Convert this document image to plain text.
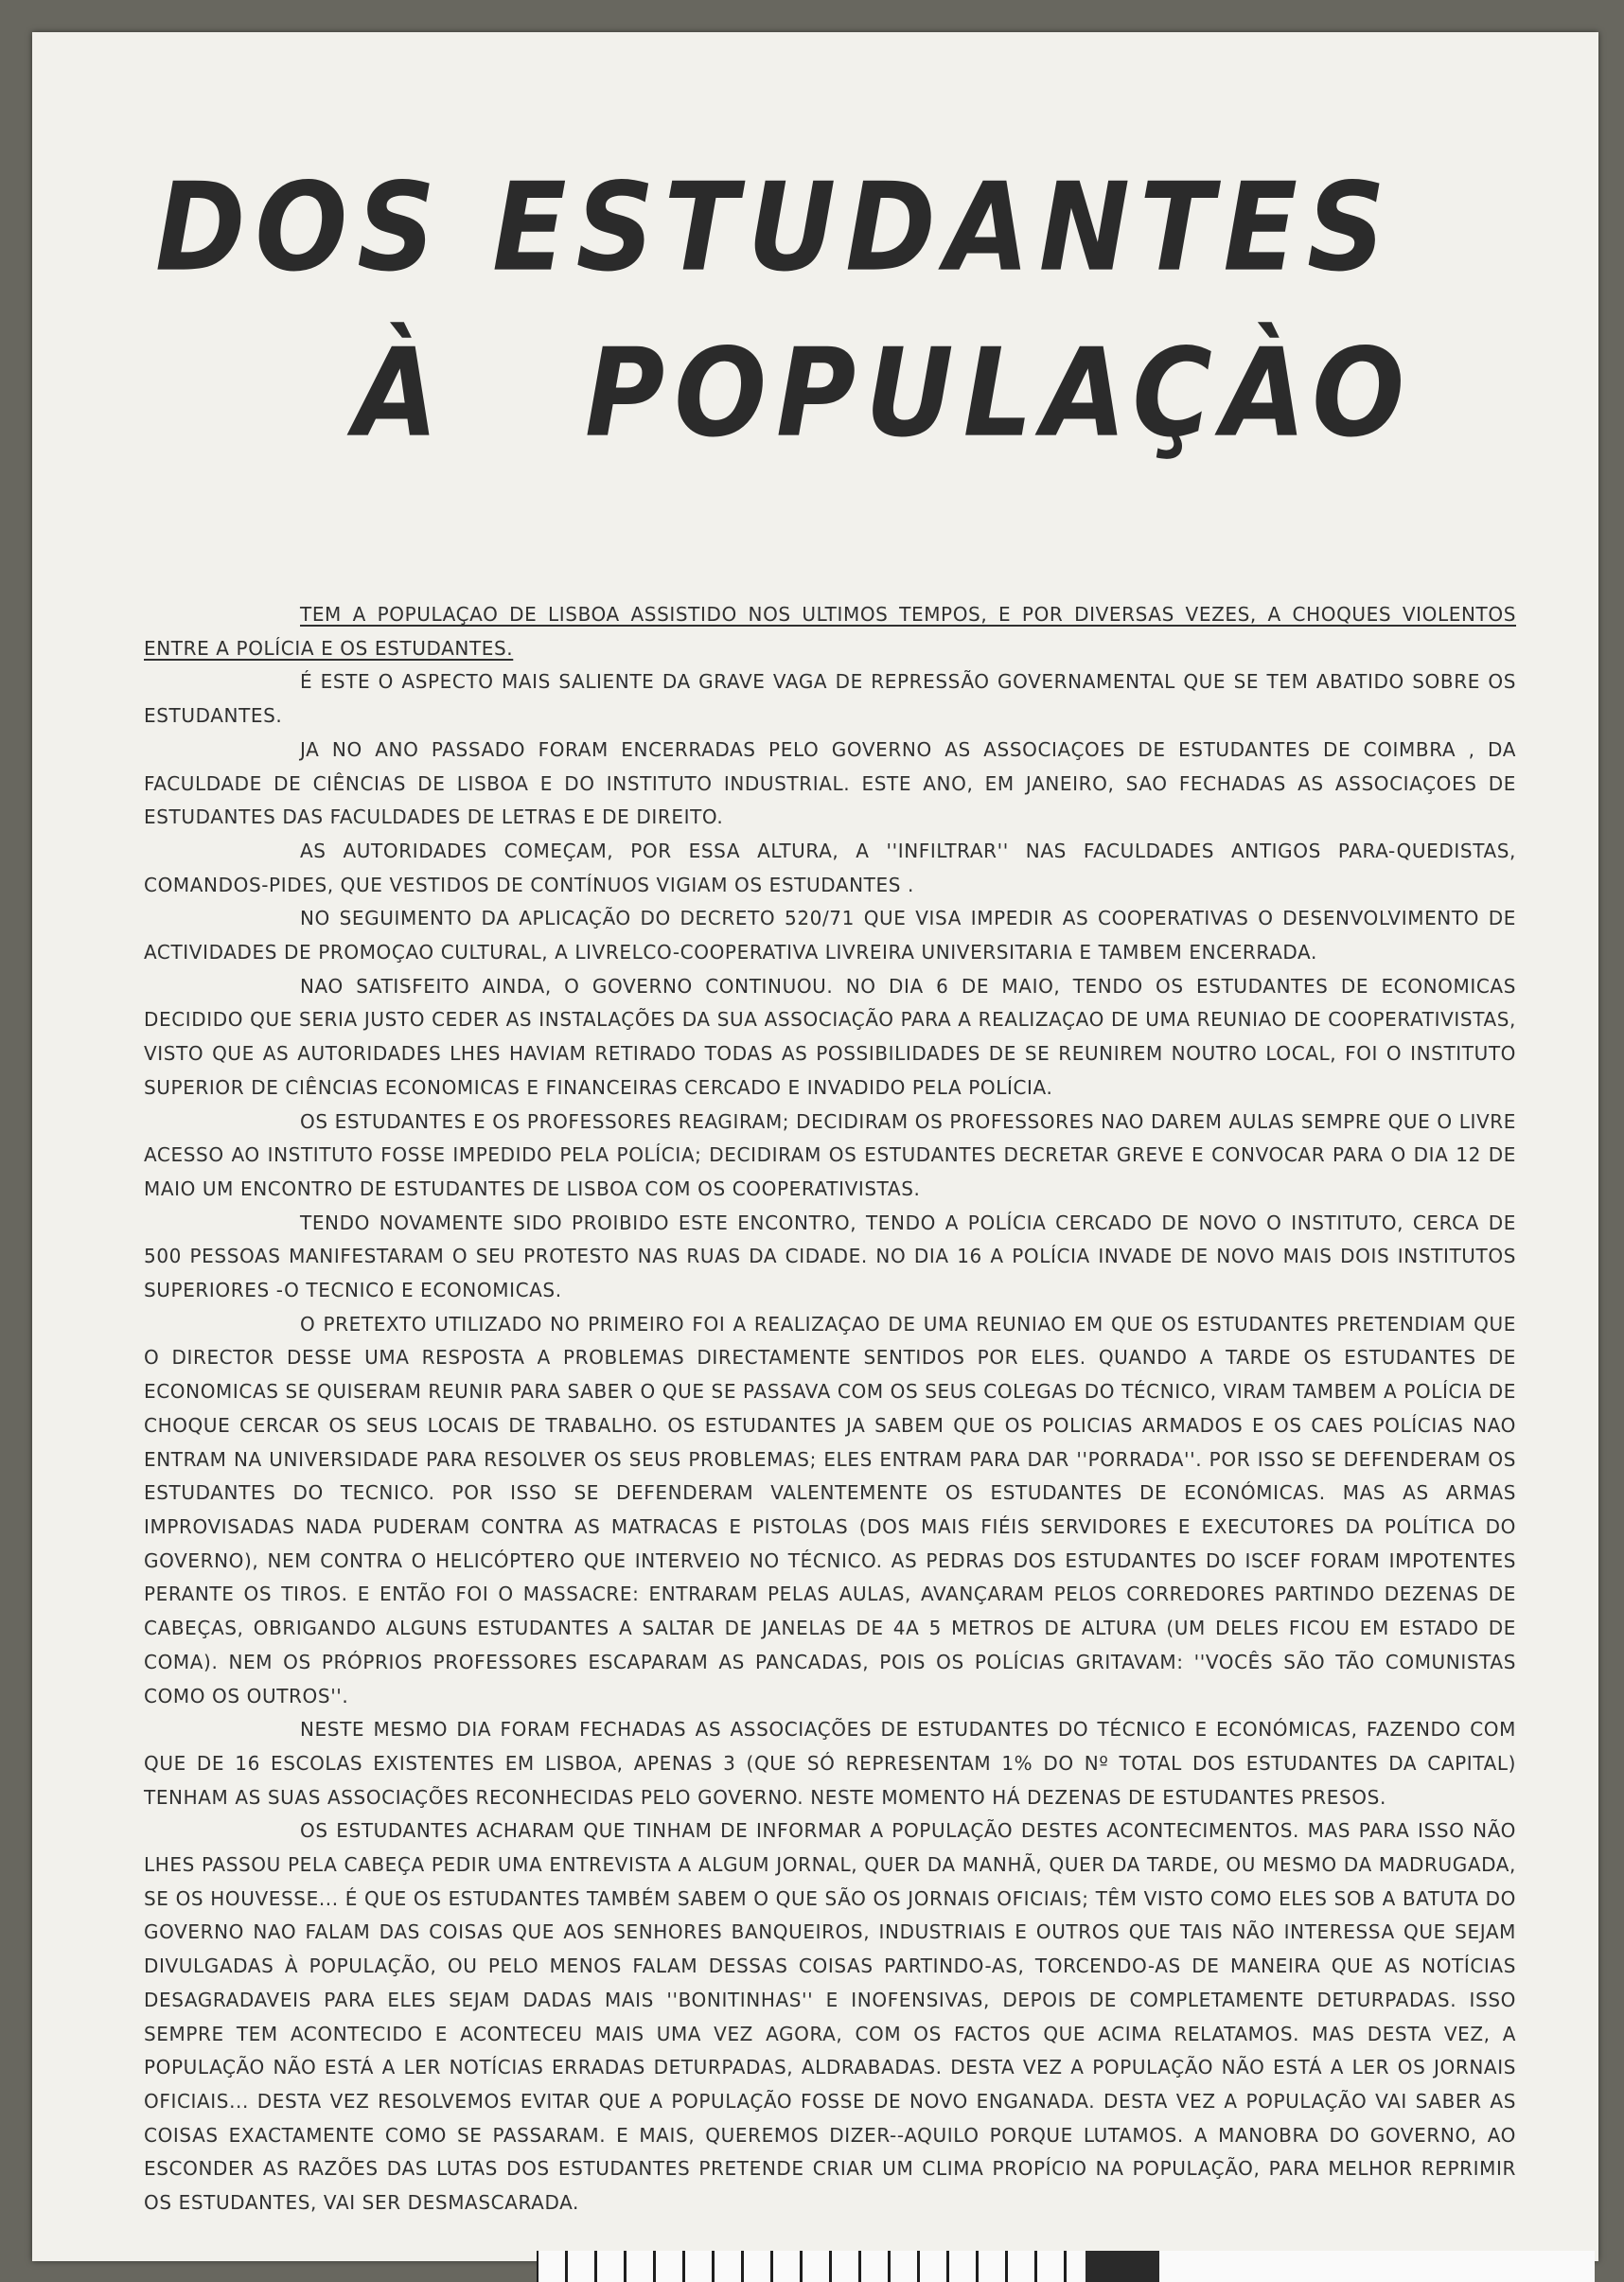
DOS ESTUDANTES
À POPULAÇÀO

TEM A POPULAÇAO DE LISBOA ASSISTIDO NOS ULTIMOS TEMPOS, E POR DIVERSAS VEZES, A CHOQUES VIOLENTOS ENTRE A POLÍCIA E OS ESTUDANTES.

É ESTE O ASPECTO MAIS SALIENTE DA GRAVE VAGA DE REPRESSÃO GOVERNAMENTAL QUE SE TEM ABATIDO SOBRE OS ESTUDANTES.

JA NO ANO PASSADO FORAM ENCERRADAS PELO GOVERNO AS ASSOCIAÇOES DE ESTUDANTES DE COIMBRA , DA FACULDADE DE CIÊNCIAS DE LISBOA E DO INSTITUTO INDUSTRIAL. ESTE ANO, EM JANEIRO, SAO FECHADAS AS ASSOCIAÇOES DE ESTUDANTES DAS FACULDADES DE LETRAS E DE DIREITO.

AS AUTORIDADES COMEÇAM, POR ESSA ALTURA, A ''INFILTRAR'' NAS FACULDADES ANTIGOS PARA-QUEDISTAS, COMANDOS-PIDES, QUE VESTIDOS DE CONTÍNUOS VIGIAM OS ESTUDANTES .

NO SEGUIMENTO DA APLICAÇÃO DO DECRETO 520/71 QUE VISA IMPEDIR AS COOPERATIVAS O DESENVOLVIMENTO DE ACTIVIDADES DE PROMOÇAO CULTURAL, A LIVRELCO-COOPERATIVA LIVREIRA UNIVERSITARIA E TAMBEM ENCERRADA.

NAO SATISFEITO AINDA, O GOVERNO CONTINUOU. NO DIA 6 DE MAIO, TENDO OS ESTUDANTES DE ECONOMICAS DECIDIDO QUE SERIA JUSTO CEDER AS INSTALAÇÕES DA SUA ASSOCIAÇÃO PARA A REALIZAÇAO DE UMA REUNIAO DE COOPERATIVISTAS, VISTO QUE AS AUTORIDADES LHES HAVIAM RETIRADO TODAS AS POSSIBILIDADES DE SE REUNIREM NOUTRO LOCAL, FOI O INSTITUTO SUPERIOR DE CIÊNCIAS ECONOMICAS E FINANCEIRAS CERCADO E INVADIDO PELA POLÍCIA.

OS ESTUDANTES E OS PROFESSORES REAGIRAM; DECIDIRAM OS PROFESSORES NAO DAREM AULAS SEMPRE QUE O LIVRE ACESSO AO INSTITUTO FOSSE IMPEDIDO PELA POLÍCIA; DECIDIRAM OS ESTUDANTES DECRETAR GREVE E CONVOCAR PARA O DIA 12 DE MAIO UM ENCONTRO DE ESTUDANTES DE LISBOA COM OS COOPERATIVISTAS.

TENDO NOVAMENTE SIDO PROIBIDO ESTE ENCONTRO, TENDO A POLÍCIA CERCADO DE NOVO O INSTITUTO, CERCA DE 500 PESSOAS MANIFESTARAM O SEU PROTESTO NAS RUAS DA CIDADE. NO DIA 16 A POLÍCIA INVADE DE NOVO MAIS DOIS INSTITUTOS SUPERIORES -O TECNICO E ECONOMICAS.

O PRETEXTO UTILIZADO NO PRIMEIRO FOI A REALIZAÇAO DE UMA REUNIAO EM QUE OS ESTUDANTES PRETENDIAM QUE O DIRECTOR DESSE UMA RESPOSTA A PROBLEMAS DIRECTAMENTE SENTIDOS POR ELES. QUANDO A TARDE OS ESTUDANTES DE ECONOMICAS SE QUISERAM REUNIR PARA SABER O QUE SE PASSAVA COM OS SEUS COLEGAS DO TÉCNICO, VIRAM TAMBEM A POLÍCIA DE CHOQUE CERCAR OS SEUS LOCAIS DE TRABALHO. OS ESTUDANTES JA SABEM QUE OS POLICIAS ARMADOS E OS CAES POLÍCIAS NAO ENTRAM NA UNIVERSIDADE PARA RESOLVER OS SEUS PROBLEMAS; ELES ENTRAM PARA DAR ''PORRADA''. POR ISSO SE DEFENDERAM OS ESTUDANTES DO TECNICO. POR ISSO SE DEFENDERAM VALENTEMENTE OS ESTUDANTES DE ECONÓMICAS. MAS AS ARMAS IMPROVISADAS NADA PUDERAM CONTRA AS MATRACAS E PISTOLAS (DOS MAIS FIÉIS SERVIDORES E EXECUTORES DA POLÍTICA DO GOVERNO), NEM CONTRA O HELICÓPTERO QUE INTERVEIO NO TÉCNICO. AS PEDRAS DOS ESTUDANTES DO ISCEF FORAM IMPOTENTES PERANTE OS TIROS. E ENTÃO FOI O MASSACRE: ENTRARAM PELAS AULAS, AVANÇARAM PELOS CORREDORES PARTINDO DEZENAS DE CABEÇAS, OBRIGANDO ALGUNS ESTUDANTES A SALTAR DE JANELAS DE 4A 5 METROS DE ALTURA (UM DELES FICOU EM ESTADO DE COMA). NEM OS PRÓPRIOS PROFESSORES ESCAPARAM AS PANCADAS, POIS OS POLÍCIAS GRITAVAM: ''VOCÊS SÃO TÃO COMUNISTAS COMO OS OUTROS''.

NESTE MESMO DIA FORAM FECHADAS AS ASSOCIAÇÕES DE ESTUDANTES DO TÉCNICO E ECONÓMICAS, FAZENDO COM QUE DE 16 ESCOLAS EXISTENTES EM LISBOA, APENAS 3 (QUE SÓ REPRESENTAM 1% DO Nº TOTAL DOS ESTUDANTES DA CAPITAL) TENHAM AS SUAS ASSOCIAÇÕES RECONHECIDAS PELO GOVERNO. NESTE MOMENTO HÁ DEZENAS DE ESTUDANTES PRESOS.

OS ESTUDANTES ACHARAM QUE TINHAM DE INFORMAR A POPULAÇÃO DESTES ACONTECIMENTOS. MAS PARA ISSO NÃO LHES PASSOU PELA CABEÇA PEDIR UMA ENTREVISTA A ALGUM JORNAL, QUER DA MANHÃ, QUER DA TARDE, OU MESMO DA MADRUGADA, SE OS HOUVESSE... É QUE OS ESTUDANTES TAMBÉM SABEM O QUE SÃO OS JORNAIS OFICIAIS; TÊM VISTO COMO ELES SOB A BATUTA DO GOVERNO NAO FALAM DAS COISAS QUE AOS SENHORES BANQUEIROS, INDUSTRIAIS E OUTROS QUE TAIS NÃO INTERESSA QUE SEJAM DIVULGADAS À POPULAÇÃO, OU PELO MENOS FALAM DESSAS COISAS PARTINDO-AS, TORCENDO-AS DE MANEIRA QUE AS NOTÍCIAS DESAGRADAVEIS PARA ELES SEJAM DADAS MAIS ''BONITINHAS'' E INOFENSIVAS, DEPOIS DE COMPLETAMENTE DETURPADAS. ISSO SEMPRE TEM ACONTECIDO E ACONTECEU MAIS UMA VEZ AGORA, COM OS FACTOS QUE ACIMA RELATAMOS. MAS DESTA VEZ, A POPULAÇÃO NÃO ESTÁ A LER NOTÍCIAS ERRADAS DETURPADAS, ALDRABADAS. DESTA VEZ A POPULAÇÃO NÃO ESTÁ A LER OS JORNAIS OFICIAIS... DESTA VEZ RESOLVEMOS EVITAR QUE A POPULAÇÃO FOSSE DE NOVO ENGANADA. DESTA VEZ A POPULAÇÃO VAI SABER AS COISAS EXACTAMENTE COMO SE PASSARAM. E MAIS, QUEREMOS DIZER--AQUILO PORQUE LUTAMOS. A MANOBRA DO GOVERNO, AO ESCONDER AS RAZÕES DAS LUTAS DOS ESTUDANTES PRETENDE CRIAR UM CLIMA PROPÍCIO NA POPULAÇÃO, PARA MELHOR REPRIMIR OS ESTUDANTES, VAI SER DESMASCARADA.
